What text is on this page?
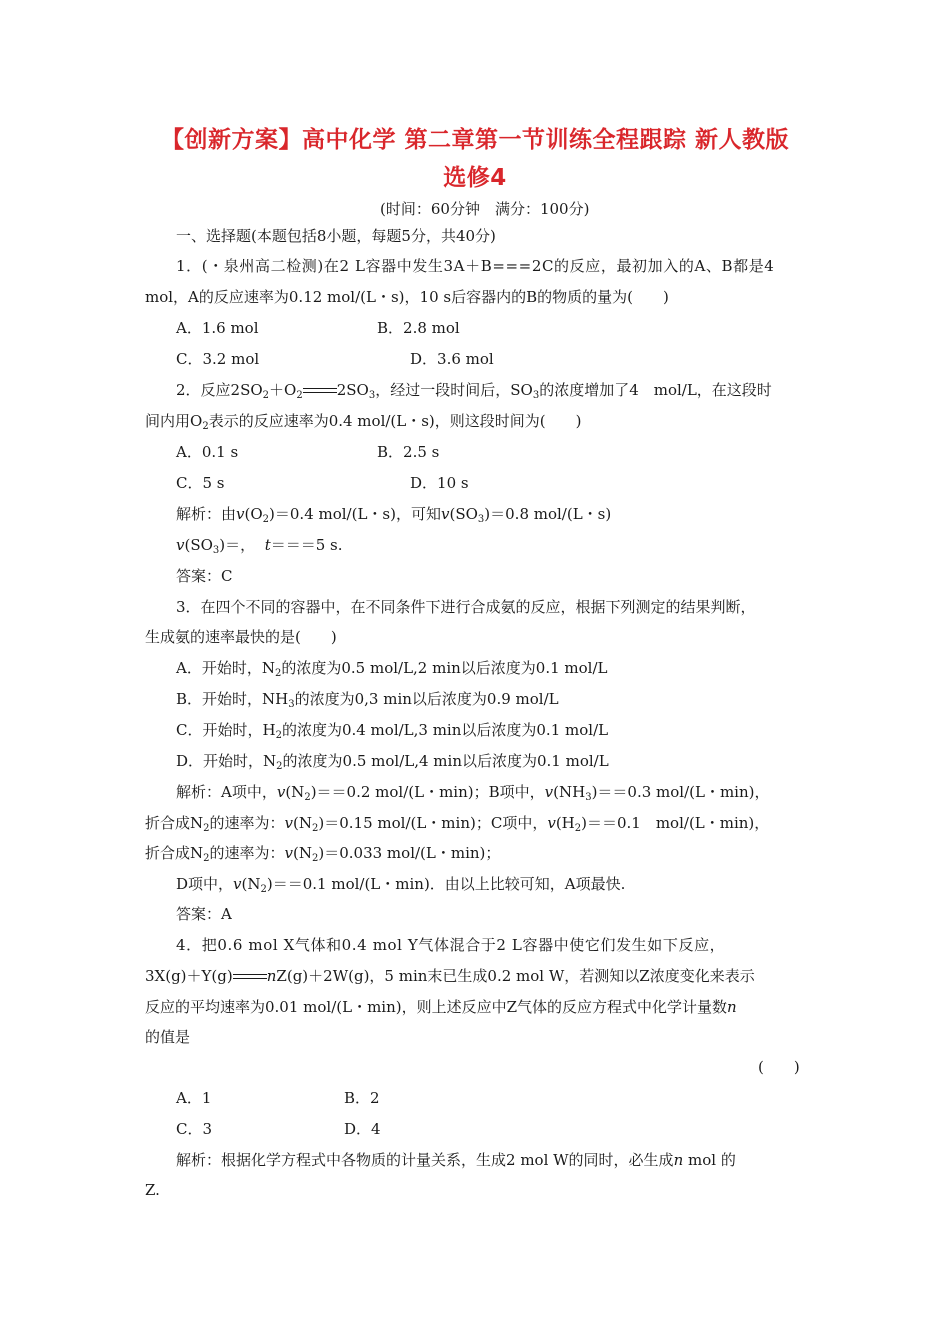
【创新方案】高中化学 第二章第一节训练全程跟踪 新人教版
选修4
(时间：60分钟　满分：100分)
一、选择题(本题包括8小题，每题5分，共40分)
1．(・泉州高二检测)在2 L容器中发生3A＋B===2C的反应，最初加入的A、B都是4
mol，A的反应速率为0.12 mol/(L・s)，10 s后容器内的B的物质的量为(　　)
A．1.6 mol	B．2.8 mol
C．3.2 mol	D．3.6 mol
2．反应$2SO_2+O_2$ $2SO_3$，经过一段时间后，$SO_3$的浓度增加了4　mol/L，在这段时
间内用$O_2$表示的反应速率为0.4 mol/(L・s)，则这段时间为(　　)
A．0.1 s	B．2.5 s
C．5 s	D．10 s
解析：由$v(O_2)=0.4$ mol/(L・s)，可知$v(SO_3)=0.8$ mol/(L・s)
$v(SO_3)=$， t＝＝＝5 s.
答案：C
3．在四个不同的容器中，在不同条件下进行合成氨的反应，根据下列测定的结果判断，
生成氨的速率最快的是(　　)
A．开始时，$N_2$的浓度为0.5 mol/L,2 min以后浓度为0.1 mol/L
B．开始时，$NH_3$的浓度为0,3 min以后浓度为0.9 mol/L
C．开始时，$H_2$的浓度为0.4 mol/L,3 min以后浓度为0.1 mol/L
D．开始时，$N_2$的浓度为0.5 mol/L,4 min以后浓度为0.1 mol/L
解析：A项中，$v(N_2)==0.2$ mol/(L・min)；B项中，$v(NH_3)==0.3$ mol/(L・min)，
折合成$N_2$的速率为：$v(N_2)=0.15$ mol/(L・min)；C项中，$v(H_2)==0.1$　mol/(L・min)，
折合成$N_2$的速率为：$v(N_2)=0.033$ mol/(L・min)；
D项中，$v(N_2)==0.1$ mol/(L・min)．由以上比较可知，A项最快.
答案：A
4．把0.6 mol X气体和0.4 mol Y气体混合于2 L容器中使它们发生如下反应，
3X(g)＋Y(g) nZ(g)＋2W(g)，5 min末已生成0.2 mol W，若测知以Z浓度变化来表示
反应的平均速率为0.01 mol/(L・min)，则上述反应中Z气体的反应方程式中化学计量数n
的值是
(　　)
A．1	B．2
C．3	D．4
解析：根据化学方程式中各物质的计量关系，生成2 mol W的同时，必生成n mol 的
Z.
